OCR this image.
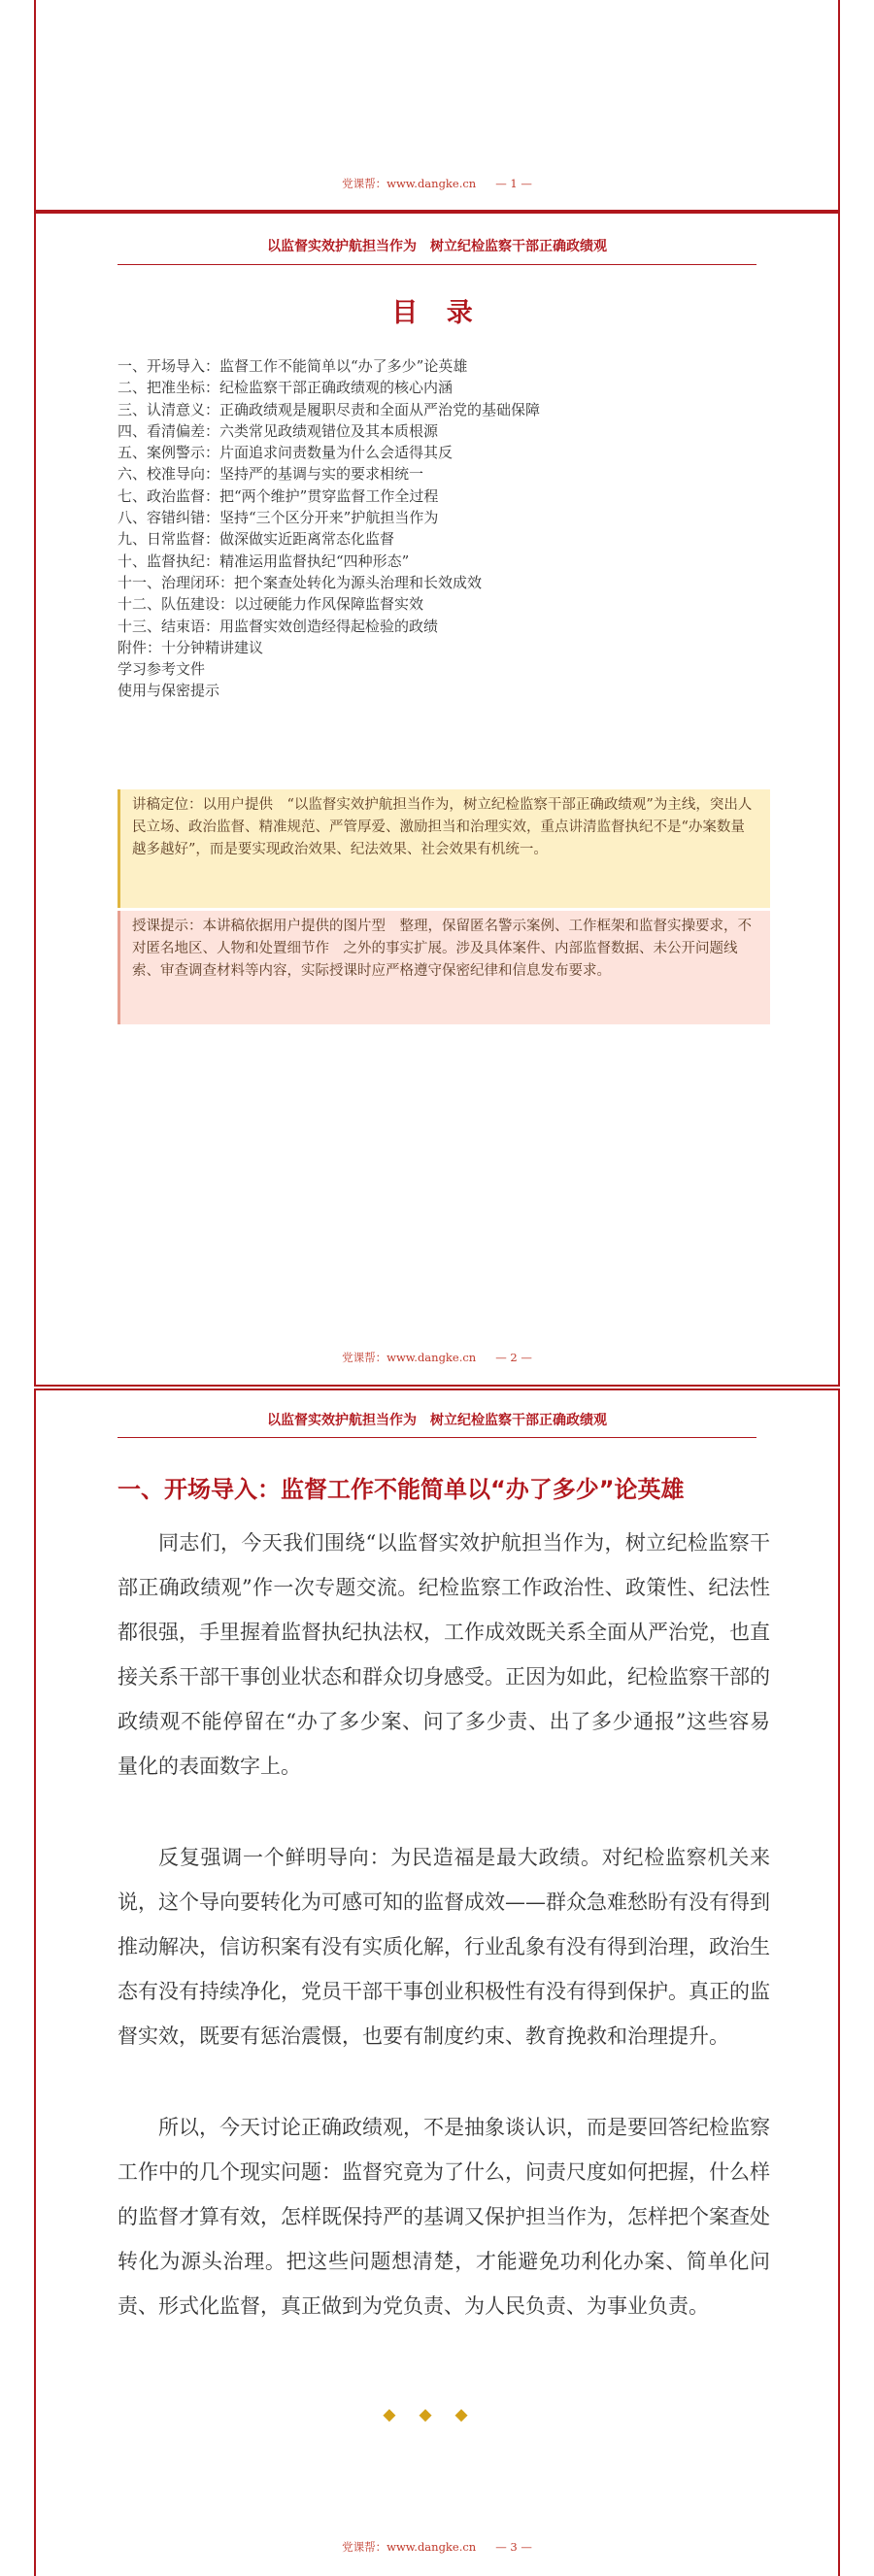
党课帮：www.dangke.cn — 1 —
以监督实效护航担当作为　树立纪检监察干部正确政绩观
目 录
一、开场导入：监督工作不能简单以“办了多少”论英雄
二、把准坐标：纪检监察干部正确政绩观的核心内涵
三、认清意义：正确政绩观是履职尽责和全面从严治党的基础保障
四、看清偏差：六类常见政绩观错位及其本质根源
五、案例警示：片面追求问责数量为什么会适得其反
六、校准导向：坚持严的基调与实的要求相统一
七、政治监督：把“两个维护”贯穿监督工作全过程
八、容错纠错：坚持“三个区分开来”护航担当作为
九、日常监督：做深做实近距离常态化监督
十、监督执纪：精准运用监督执纪“四种形态”
十一、治理闭环：把个案查处转化为源头治理和长效成效
十二、队伍建设：以过硬能力作风保障监督实效
十三、结束语：用监督实效创造经得起检验的政绩
附件：十分钟精讲建议
学习参考文件
使用与保密提示
讲稿定位：以用户提供　“以监督实效护航担当作为，树立纪检监察干部正确政绩观”为主线，突出人民立场、政治监督、精准规范、严管厚爱、激励担当和治理实效，重点讲清监督执纪不是“办案数量越多越好”，而是要实现政治效果、纪法效果、社会效果有机统一。
授课提示：本讲稿依据用户提供的图片型　整理，保留匿名警示案例、工作框架和监督实操要求，不对匿名地区、人物和处置细节作　之外的事实扩展。涉及具体案件、内部监督数据、未公开问题线索、审查调查材料等内容，实际授课时应严格遵守保密纪律和信息发布要求。
党课帮：www.dangke.cn — 2 —
以监督实效护航担当作为　树立纪检监察干部正确政绩观
一、开场导入：监督工作不能简单以“办了多少”论英雄

同志们，今天我们围绕“以监督实效护航担当作为，树立纪检监察干部正确政绩观”作一次专题交流。纪检监察工作政治性、政策性、纪法性都很强，手里握着监督执纪执法权，工作成效既关系全面从严治党，也直接关系干部干事创业状态和群众切身感受。正因为如此，纪检监察干部的政绩观不能停留在“办了多少案、问了多少责、出了多少通报”这些容易量化的表面数字上。

反复强调一个鲜明导向：为民造福是最大政绩。对纪检监察机关来说，这个导向要转化为可感可知的监督成效——群众急难愁盼有没有得到推动解决，信访积案有没有实质化解，行业乱象有没有得到治理，政治生态有没有持续净化，党员干部干事创业积极性有没有得到保护。真正的监督实效，既要有惩治震慑，也要有制度约束、教育挽救和治理提升。

所以，今天讨论正确政绩观，不是抽象谈认识，而是要回答纪检监察工作中的几个现实问题：监督究竟为了什么，问责尺度如何把握，什么样的监督才算有效，怎样既保持严的基调又保护担当作为，怎样把个案查处转化为源头治理。把这些问题想清楚，才能避免功利化办案、简单化问责、形式化监督，真正做到为党负责、为人民负责、为事业负责。

◆◆◆
党课帮：www.dangke.cn — 3 —
